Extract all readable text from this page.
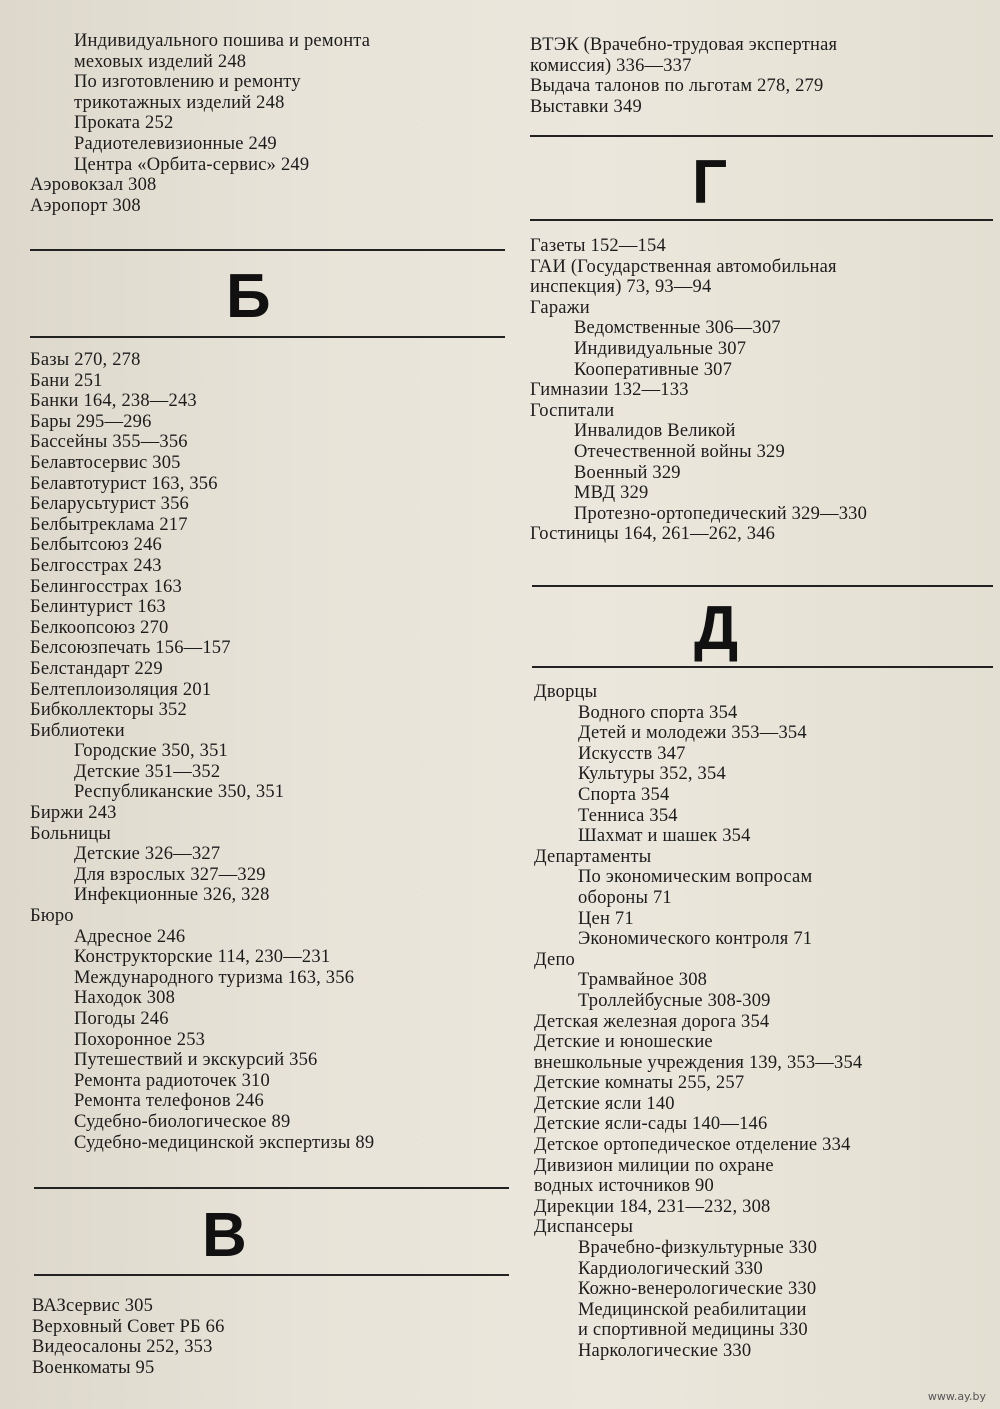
Индивидуального пошива и ремонта
меховых изделий 248
По изготовлению и ремонту
трикотажных изделий 248
Проката 252
Радиотелевизионные 249
Центра «Орбита-сервис» 249
Аэровокзал 308
Аэропорт 308
Б
Базы 270, 278
Бани 251
Банки 164, 238—243
Бары 295—296
Бассейны 355—356
Белавтосервис 305
Белавтотурист 163, 356
Беларусьтурист 356
Белбытреклама 217
Белбытсоюз 246
Белгосстрах 243
Белингосстрах 163
Белинтурист 163
Белкоопсоюз 270
Белсоюзпечать 156—157
Белстандарт 229
Белтеплоизоляция 201
Бибколлекторы 352
Библиотеки
Городские 350, 351
Детские 351—352
Республиканские 350, 351
Биржи 243
Больницы
Детские 326—327
Для взрослых 327—329
Инфекционные 326, 328
Бюро
Адресное 246
Конструкторские 114, 230—231
Международного туризма 163, 356
Находок 308
Погоды 246
Похоронное 253
Путешествий и экскурсий 356
Ремонта радиоточек 310
Ремонта телефонов 246
Судебно-биологическое 89
Судебно-медицинской экспертизы 89
В
ВАЗсервис 305
Верховный Совет РБ 66
Видеосалоны 252, 353
Военкоматы 95
ВТЭК (Врачебно-трудовая экспертная
комиссия) 336—337
Выдача талонов по льготам 278, 279
Выставки 349
Г
Газеты 152—154
ГАИ (Государственная автомобильная
инспекция) 73, 93—94
Гаражи
Ведомственные 306—307
Индивидуальные 307
Кооперативные 307
Гимназии 132—133
Госпитали
Инвалидов Великой
Отечественной войны 329
Военный 329
МВД 329
Протезно-ортопедический 329—330
Гостиницы 164, 261—262, 346
Д
Дворцы
Водного спорта 354
Детей и молодежи 353—354
Искусств 347
Культуры 352, 354
Спорта 354
Тенниса 354
Шахмат и шашек 354
Департаменты
По экономическим вопросам
обороны 71
Цен 71
Экономического контроля 71
Депо
Трамвайное 308
Троллейбусные 308-309
Детская железная дорога 354
Детские и юношеские
внешкольные учреждения 139, 353—354
Детские комнаты 255, 257
Детские ясли 140
Детские ясли-сады 140—146
Детское ортопедическое отделение 334
Дивизион милиции по охране
водных источников 90
Дирекции 184, 231—232, 308
Диспансеры
Врачебно-физкультурные 330
Кардиологический 330
Кожно-венерологические 330
Медицинской реабилитации
и спортивной медицины 330
Наркологические 330
www.ay.by
